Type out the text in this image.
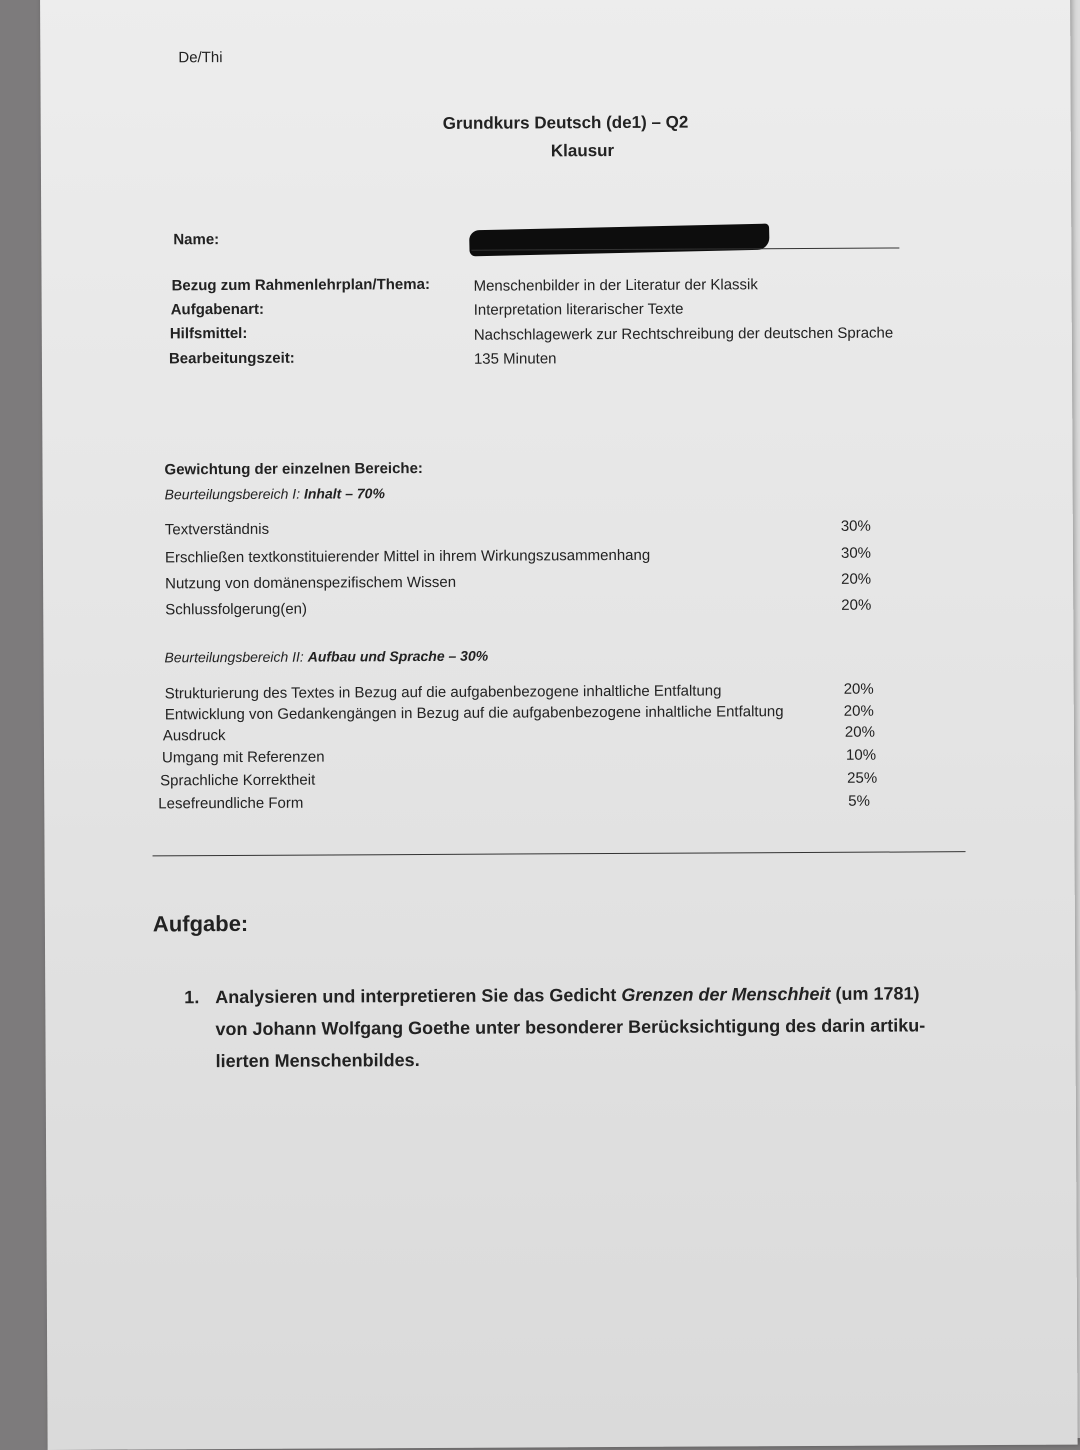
De/Thi
Grundkurs Deutsch (de1) – Q2
Klausur
Name:
Bezug zum Rahmenlehrplan/Thema:	Menschenbilder in der Literatur der Klassik
Aufgabenart:	Interpretation literarischer Texte
Hilfsmittel:	Nachschlagewerk zur Rechtschreibung der deutschen Sprache
Bearbeitungszeit:	135 Minuten
Gewichtung der einzelnen Bereiche:
Beurteilungsbereich I: Inhalt – 70%
Textverständnis	30%
Erschließen textkonstituierender Mittel in ihrem Wirkungszusammenhang	30%
Nutzung von domänenspezifischem Wissen	20%
Schlussfolgerung(en)	20%
Beurteilungsbereich II: Aufbau und Sprache – 30%
Strukturierung des Textes in Bezug auf die aufgabenbezogene inhaltliche Entfaltung	20%
Entwicklung von Gedankengängen in Bezug auf die aufgabenbezogene inhaltliche Entfaltung	20%
Ausdruck	20%
Umgang mit Referenzen	10%
Sprachliche Korrektheit	25%
Lesefreundliche Form	5%
Aufgabe:
1. Analysieren und interpretieren Sie das Gedicht Grenzen der Menschheit (um 1781)
von Johann Wolfgang Goethe unter besonderer Berücksichtigung des darin artiku-
lierten Menschenbildes.
